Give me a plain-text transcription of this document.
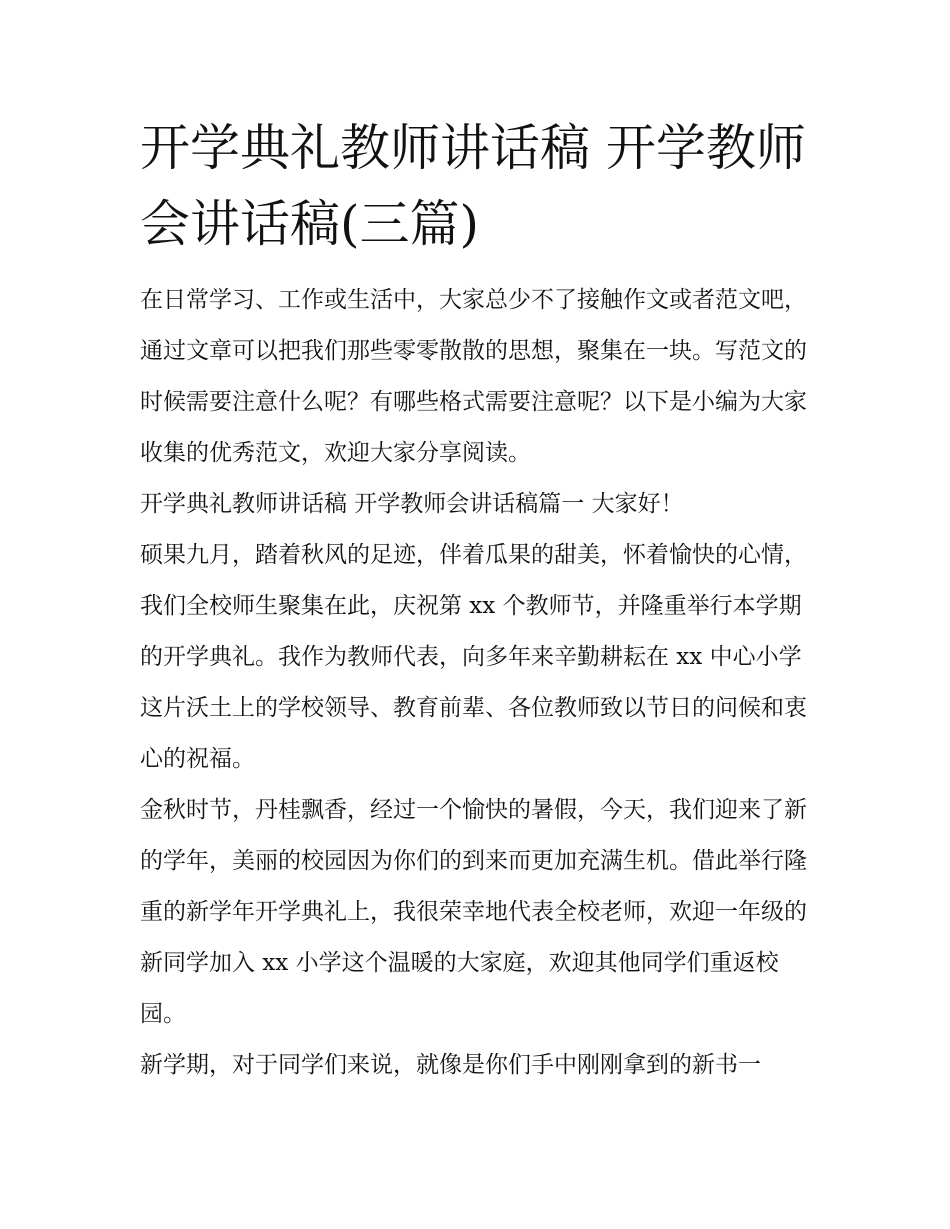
开学典礼教师讲话稿 开学教师
会讲话稿(三篇)

在日常学习、工作或生活中，大家总少不了接触作文或者范文吧，通过文章可以把我们那些零零散散的思想，聚集在一块。写范文的时候需要注意什么呢？有哪些格式需要注意呢？以下是小编为大家收集的优秀范文，欢迎大家分享阅读。

开学典礼教师讲话稿 开学教师会讲话稿篇一 大家好！

硕果九月，踏着秋风的足迹，伴着瓜果的甜美，怀着愉快的心情，我们全校师生聚集在此，庆祝第 xx 个教师节，并隆重举行本学期的开学典礼。我作为教师代表，向多年来辛勤耕耘在 xx 中心小学这片沃土上的学校领导、教育前辈、各位教师致以节日的问候和衷心的祝福。

金秋时节，丹桂飘香，经过一个愉快的暑假，今天，我们迎来了新的学年，美丽的校园因为你们的到来而更加充满生机。借此举行隆重的新学年开学典礼上，我很荣幸地代表全校老师，欢迎一年级的新同学加入 xx 小学这个温暖的大家庭，欢迎其他同学们重返校园。

新学期，对于同学们来说，就像是你们手中刚刚拿到的新书一
